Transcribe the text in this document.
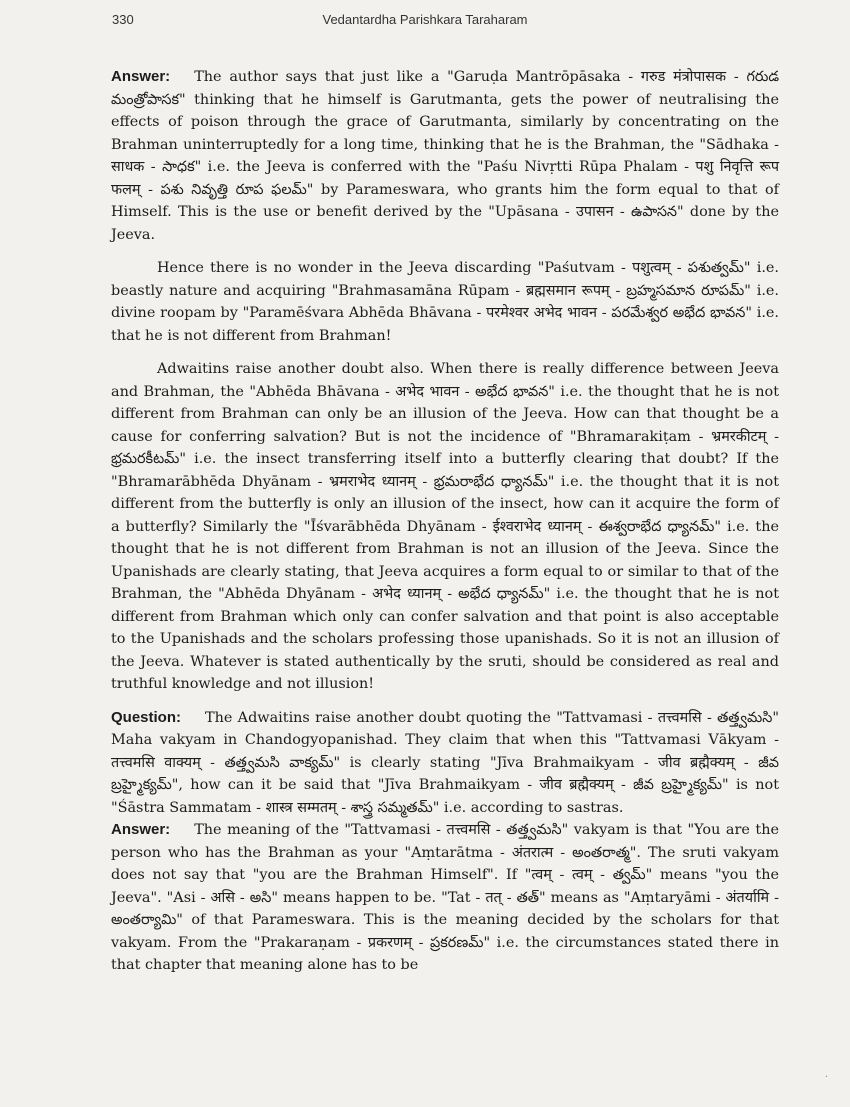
330	Vedantardha Parishkara Taraharam

Answer: The author says that just like a "Garuḍa Mantrōpāsaka - गरुड मंत्रोपासक - గరుడ మంత్రోపాసక" thinking that he himself is Garutmanta, gets the power of neutralising the effects of poison through the grace of Garutmanta, similarly by concentrating on the Brahman uninterruptedly for a long time, thinking that he is the Brahman, the "Sādhaka - साधक - సాధక" i.e. the Jeeva is conferred with the "Paśu Nivṛtti Rūpa Phalam - पशु निवृत्ति रूप फलम् - పశు నివృత్తి రూప ఫలమ్" by Parameswara, who grants him the form equal to that of Himself. This is the use or benefit derived by the "Upāsana - उपासन - ఉపాసన" done by the Jeeva.

Hence there is no wonder in the Jeeva discarding "Paśutvam - पशुत्वम् - పశుత్వమ్" i.e. beastly nature and acquiring "Brahmasamāna Rūpam - ब्रह्मसमान रूपम् - బ్రహ్మసమాన రూపమ్" i.e. divine roopam by "Paramēśvara Abhēda Bhāvana - परमेश्वर अभेद भावन - పరమేశ్వర అభేద భావన" i.e. that he is not different from Brahman!

Adwaitins raise another doubt also. When there is really difference between Jeeva and Brahman, the "Abhēda Bhāvana - अभेद भावन - అభేద భావన" i.e. the thought that he is not different from Brahman can only be an illusion of the Jeeva. How can that thought be a cause for conferring salvation? But is not the incidence of "Bhramarakiṭam - भ्रमरकीटम् - భ్రమరకీటమ్" i.e. the insect transferring itself into a butterfly clearing that doubt? If the "Bhramarābhēda Dhyānam - भ्रमराभेद ध्यानम् - భ్రమరాభేద ధ్యానమ్" i.e. the thought that it is not different from the butterfly is only an illusion of the insect, how can it acquire the form of a butterfly? Similarly the "Īśvarābhēda Dhyānam - ईश्वराभेद ध्यानम् - ఈశ్వరాభేద ధ్యానమ్" i.e. the thought that he is not different from Brahman is not an illusion of the Jeeva. Since the Upanishads are clearly stating, that Jeeva acquires a form equal to or similar to that of the Brahman, the "Abhēda Dhyānam - अभेद ध्यानम् - అభేద ధ్యానమ్" i.e. the thought that he is not different from Brahman which only can confer salvation and that point is also acceptable to the Upanishads and the scholars professing those upanishads. So it is not an illusion of the Jeeva. Whatever is stated authentically by the sruti, should be considered as real and truthful knowledge and not illusion!

Question: The Adwaitins raise another doubt quoting the "Tattvamasi - तत्त्वमसि - తత్త్వమసి" Maha vakyam in Chandogyopanishad. They claim that when this "Tattvamasi Vākyam - तत्त्वमसि वाक्यम् - తత్త్వమసి వాక్యమ్" is clearly stating "Jīva Brahmaikyam - जीव ब्रह्मैक्यम् - జీవ బ్రహ్మైక్యమ్", how can it be said that "Jīva Brahmaikyam - जीव ब्रह्मैक्यम् - జీవ బ్రహ్మైక్యమ్" is not "Śāstra Sammatam - शास्त्र सम्मतम् - శాస్త్ర సమ్మతమ్" i.e. according to sastras.

Answer: The meaning of the "Tattvamasi - तत्त्वमसि - తత్త్వమసి" vakyam is that "You are the person who has the Brahman as your "Aṃtarātma - अंतरात्म - అంతరాత్మ". The sruti vakyam does not say that "you are the Brahman Himself". If "त्वम् - त्वम् - త్వమ్" means "you the Jeeva". "Asi - असि - అసి" means happen to be. "Tat - तत् - తత్" means as "Aṃtaryāmi - अंतर्यामि - అంతర్యామి" of that Parameswara. This is the meaning decided by the scholars for that vakyam. From the "Prakaraṇam - प्रकरणम् - ప్రకరణమ్" i.e. the circumstances stated there in that chapter that meaning alone has to be

·
